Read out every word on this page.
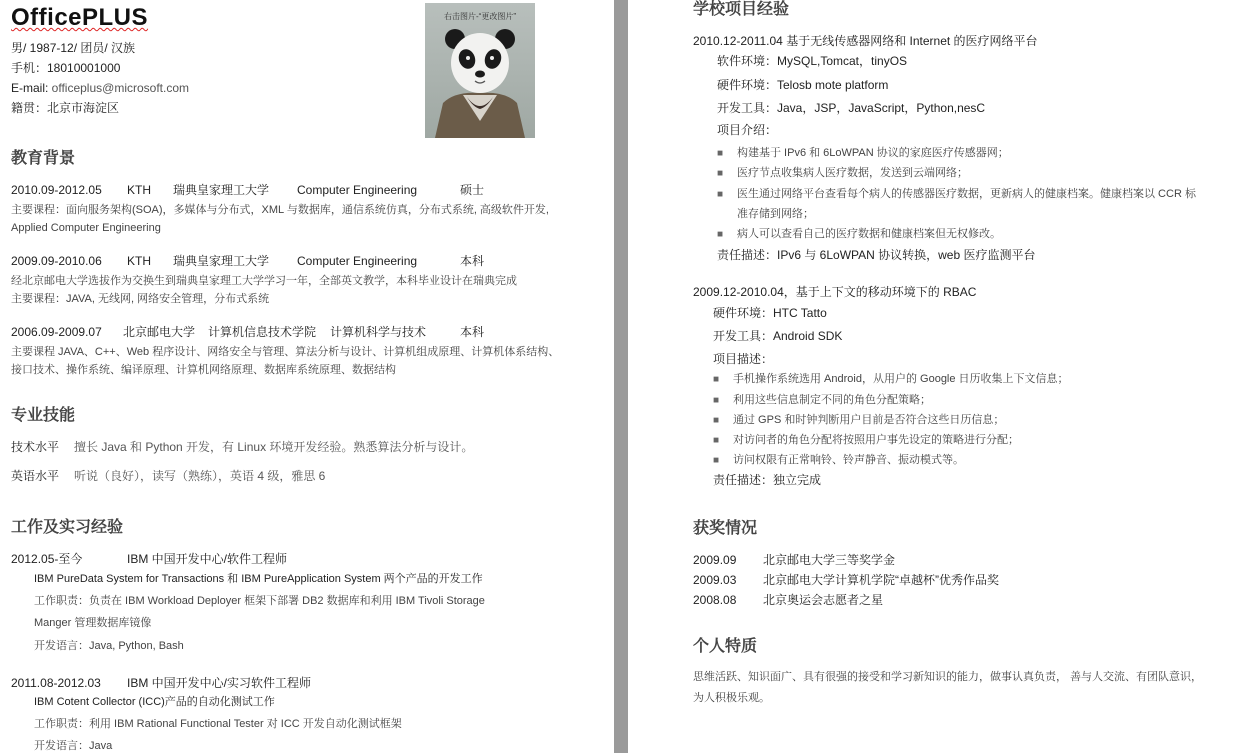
OfficePLUS
男/ 1987-12/ 团员/ 汉族
手机：18010001000
E-mail: officeplus@microsoft.com
籍贯：北京市海淀区
右击图片-“更改图片”
教育背景
2010.09-2012.05 KTH 瑞典皇家理工大学 Computer Engineering	硕士
主要课程：面向服务架构(SOA)，多媒体与分布式，XML 与数据库，通信系统仿真，分布式系统, 高级软件开发,
Applied Computer Engineering
2009.09-2010.06 KTH 瑞典皇家理工大学 Computer Engineering	本科
经北京邮电大学选拔作为交换生到瑞典皇家理工大学学习一年，全部英文教学，本科毕业设计在瑞典完成
主要课程：JAVA, 无线网, 网络安全管理，分布式系统
2006.09-2009.07 北京邮电大学 计算机信息技术学院 计算机科学与技术	本科
主要课程 JAVA、C++、Web 程序设计、网络安全与管理、算法分析与设计、计算机组成原理、计算机体系结构、
接口技术、操作系统、编译原理、计算机网络原理、数据库系统原理、数据结构
专业技能
技术水平 擅长 Java 和 Python 开发，有 Linux 环境开发经验。熟悉算法分析与设计。
英语水平 听说（良好），读写（熟练），英语 4 级，雅思 6
工作及实习经验
2012.05-至今	IBM 中国开发中心/软件工程师
IBM PureData System for Transactions 和 IBM PureApplication System 两个产品的开发工作
工作职责：负责在 IBM Workload Deployer 框架下部署 DB2 数据库和利用 IBM Tivoli Storage
Manger 管理数据库镜像
开发语言：Java, Python, Bash
2011.08-2012.03 IBM 中国开发中心/实习软件工程师
IBM Cotent Collector (ICC)产品的自动化测试工作
工作职责：利用 IBM Rational Functional Tester 对 ICC 开发自动化测试框架
开发语言：Java
学校项目经验
2010.12-2011.04 基于无线传感器网络和 Internet 的医疗网络平台
软件环境：MySQL,Tomcat，tinyOS
硬件环境：Telosb mote platform
开发工具：Java，JSP，JavaScript，Python,nesC
项目介绍：
■ 构建基于 IPv6 和 6LoWPAN 协议的家庭医疗传感器网；
■ 医疗节点收集病人医疗数据，发送到云端网络；
■ 医生通过网络平台查看每个病人的传感器医疗数据，更新病人的健康档案。健康档案以 CCR 标
准存储到网络；
■ 病人可以查看自己的医疗数据和健康档案但无权修改。
责任描述：IPv6 与 6LoWPAN 协议转换，web 医疗监测平台
2009.12-2010.04，基于上下文的移动环境下的 RBAC
硬件环境：HTC Tatto
开发工具：Android SDK
项目描述：
■ 手机操作系统选用 Android，从用户的 Google 日历收集上下文信息；
■ 利用这些信息制定不同的角色分配策略；
■ 通过 GPS 和时钟判断用户目前是否符合这些日历信息；
■ 对访问者的角色分配将按照用户事先设定的策略进行分配；
■ 访问权限有正常响铃、铃声静音、振动模式等。
责任描述：独立完成
获奖情况
2009.09 北京邮电大学三等奖学金
2009.03 北京邮电大学计算机学院“卓越杯”优秀作品奖
2008.08 北京奥运会志愿者之星
个人特质
思维活跃、知识面广、具有很强的接受和学习新知识的能力，做事认真负责， 善与人交流、有团队意识，
为人积极乐观。
